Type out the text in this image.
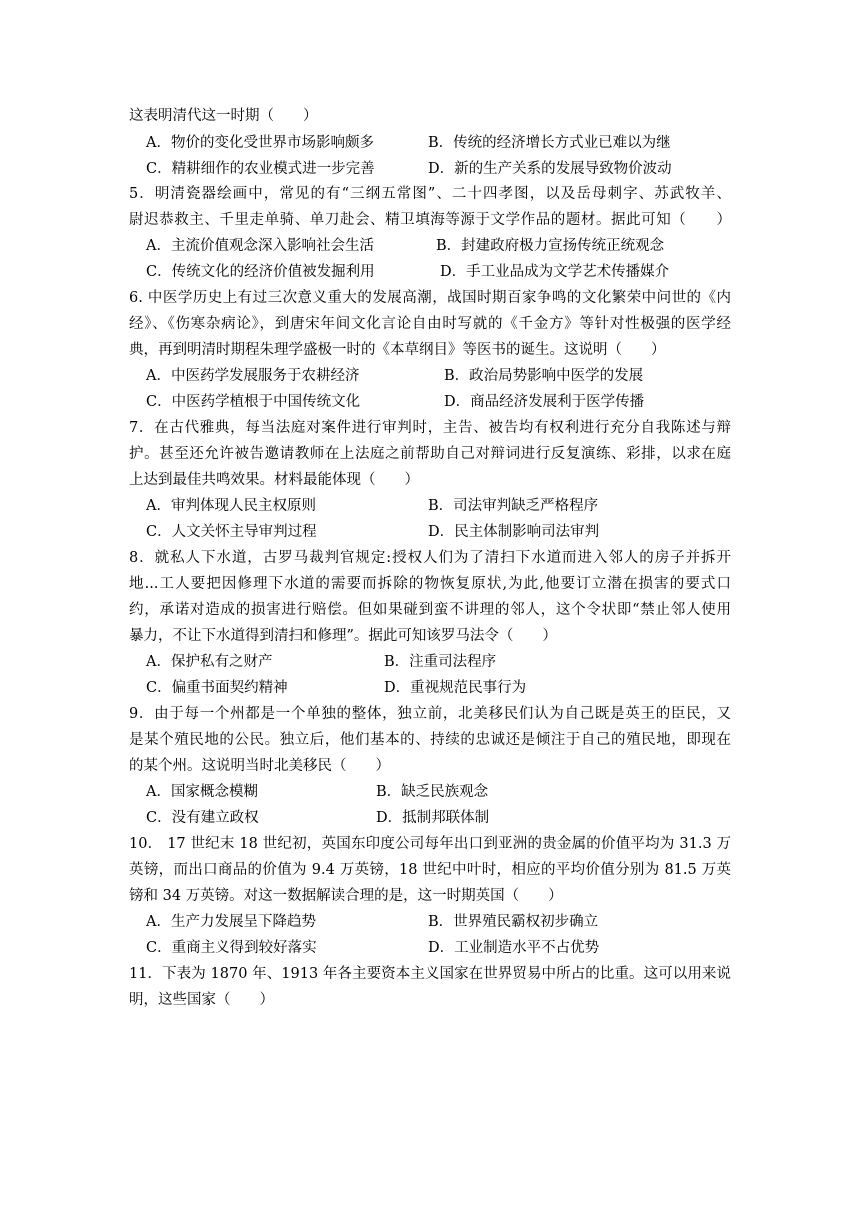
这表明清代这一时期（　　）
A．物价的变化受世界市场影响颇多	B．传统的经济增长方式业已难以为继
C．精耕细作的农业模式进一步完善	D．新的生产关系的发展导致物价波动
5．明清瓷器绘画中，常见的有“三纲五常图”、二十四孝图，以及岳母刺字、苏武牧羊、
尉迟恭救主、千里走单骑、单刀赴会、精卫填海等源于文学作品的题材。据此可知（　　）
A．主流价值观念深入影响社会生活	B．封建政府极力宣扬传统正统观念
C．传统文化的经济价值被发掘利用	D．手工业品成为文学艺术传播媒介
6. 中医学历史上有过三次意义重大的发展高潮，战国时期百家争鸣的文化繁荣中问世的《内
经》、《伤寒杂病论》，到唐宋年间文化言论自由时写就的《千金方》等针对性极强的医学经
典，再到明清时期程朱理学盛极一时的《本草纲目》等医书的诞生。这说明（　　）
A．中医药学发展服务于农耕经济	B．政治局势影响中医学的发展
C．中医药学植根于中国传统文化	D．商品经济发展利于医学传播
7．在古代雅典，每当法庭对案件进行审判时，主告、被告均有权利进行充分自我陈述与辩
护。甚至还允许被告邀请教师在上法庭之前帮助自己对辩词进行反复演练、彩排，以求在庭
上达到最佳共鸣效果。材料最能体现（　　）
A．审判体现人民主权原则	B．司法审判缺乏严格程序
C．人文关怀主导审判过程	D．民主体制影响司法审判
8．就私人下水道，古罗马裁判官规定:授权人们为了清扫下水道而进入邻人的房子并拆开
地...工人要把因修理下水道的需要而拆除的物恢复原状,为此,他要订立潜在损害的要式口
约，承诺对造成的损害进行赔偿。但如果碰到蛮不讲理的邻人，这个令状即“禁止邻人使用
暴力，不让下水道得到清扫和修理”。据此可知该罗马法令（　　）
A．保护私有之财产	B．注重司法程序
C．偏重书面契约精神	D．重视规范民事行为
9．由于每一个州都是一个单独的整体，独立前，北美移民们认为自己既是英王的臣民，又
是某个殖民地的公民。独立后，他们基本的、持续的忠诚还是倾注于自己的殖民地，即现在
的某个州。这说明当时北美移民（　　）
A．国家概念模糊	B．缺乏民族观念
C．没有建立政权	D．抵制邦联体制
10． 17 世纪末 18 世纪初，英国东印度公司每年出口到亚洲的贵金属的价值平均为 31.3 万
英镑，而出口商品的价值为 9.4 万英镑，18 世纪中叶时，相应的平均价值分别为 81.5 万英
镑和 34 万英镑。对这一数据解读合理的是，这一时期英国（　　）
A．生产力发展呈下降趋势	B．世界殖民霸权初步确立
C．重商主义得到较好落实	D．工业制造水平不占优势
11．下表为 1870 年、1913 年各主要资本主义国家在世界贸易中所占的比重。这可以用来说
明，这些国家（　　）
